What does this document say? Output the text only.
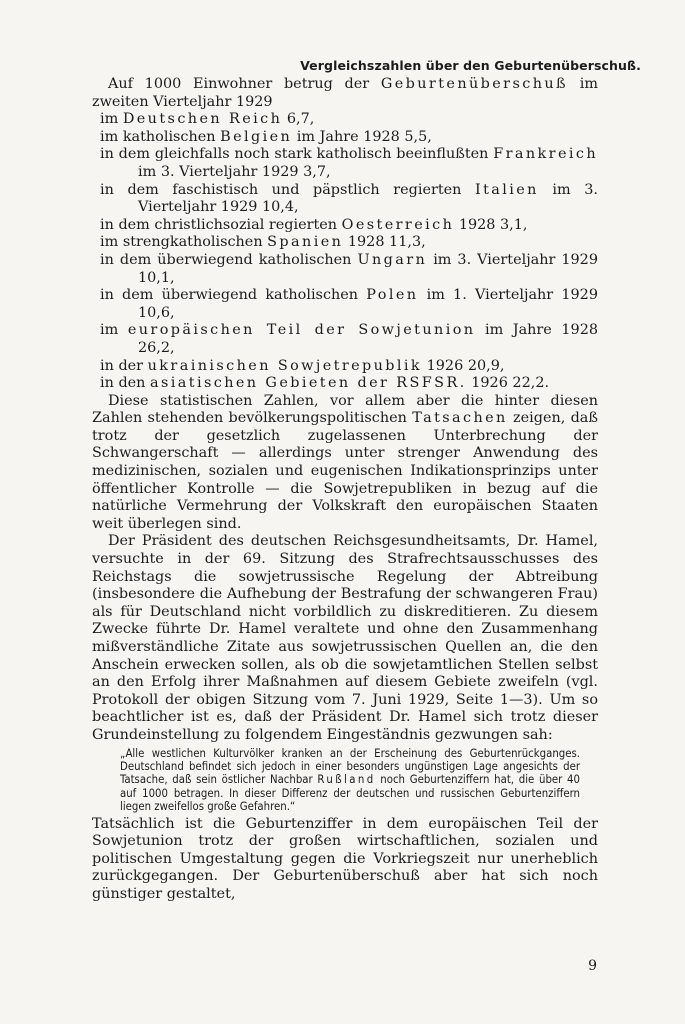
Vergleichszahlen über den Geburtenüberschuß.

Auf 1000 Einwohner betrug der Geburtenüberschuß im zweiten Vierteljahr 1929

im Deutschen Reich 6,7,

im katholischen Belgien im Jahre 1928 5,5,

in dem gleichfalls noch stark katholisch beeinflußten Frankreich im 3. Vierteljahr 1929 3,7,

in dem faschistisch und päpstlich regierten Italien im 3. Vierteljahr 1929 10,4,

in dem christlichsozial regierten Oesterreich 1928 3,1,

im strengkatholischen Spanien 1928 11,3,

in dem überwiegend katholischen Ungarn im 3. Vierteljahr 1929 10,1,

in dem überwiegend katholischen Polen im 1. Vierteljahr 1929 10,6,

im europäischen Teil der Sowjetunion im Jahre 1928 26,2,

in der ukrainischen Sowjetrepublik 1926 20,9,

in den asiatischen Gebieten der RSFSR. 1926 22,2.

Diese statistischen Zahlen, vor allem aber die hinter diesen Zahlen stehenden bevölkerungspolitischen Tatsachen zeigen, daß trotz der gesetzlich zugelassenen Unterbrechung der Schwangerschaft — allerdings unter strenger Anwendung des medizinischen, sozialen und eugenischen Indikationsprinzips unter öffentlicher Kontrolle — die Sowjetrepubliken in bezug auf die natürliche Vermehrung der Volkskraft den europäischen Staaten weit überlegen sind.

Der Präsident des deutschen Reichsgesundheitsamts, Dr. Hamel, versuchte in der 69. Sitzung des Strafrechtsausschusses des Reichstags die sowjetrussische Regelung der Abtreibung (insbesondere die Aufhebung der Bestrafung der schwangeren Frau) als für Deutschland nicht vorbildlich zu diskreditieren. Zu diesem Zwecke führte Dr. Hamel veraltete und ohne den Zusammenhang mißverständliche Zitate aus sowjetrussischen Quellen an, die den Anschein erwecken sollen, als ob die sowjetamtlichen Stellen selbst an den Erfolg ihrer Maßnahmen auf diesem Gebiete zweifeln (vgl. Protokoll der obigen Sitzung vom 7. Juni 1929, Seite 1—3). Um so beachtlicher ist es, daß der Präsident Dr. Hamel sich trotz dieser Grundeinstellung zu folgendem Eingeständnis gezwungen sah:

„Alle westlichen Kulturvölker kranken an der Erscheinung des Geburtenrückganges. Deutschland befindet sich jedoch in einer besonders ungünstigen Lage angesichts der Tatsache, daß sein östlicher Nachbar Rußland noch Geburtenziffern hat, die über 40 auf 1000 betragen. In dieser Differenz der deutschen und russischen Geburtenziffern liegen zweifellos große Gefahren.“

Tatsächlich ist die Geburtenziffer in dem europäischen Teil der Sowjetunion trotz der großen wirtschaftlichen, sozialen und politischen Umgestaltung gegen die Vorkriegszeit nur unerheblich zurückgegangen. Der Geburtenüberschuß aber hat sich noch günstiger gestaltet,

9
